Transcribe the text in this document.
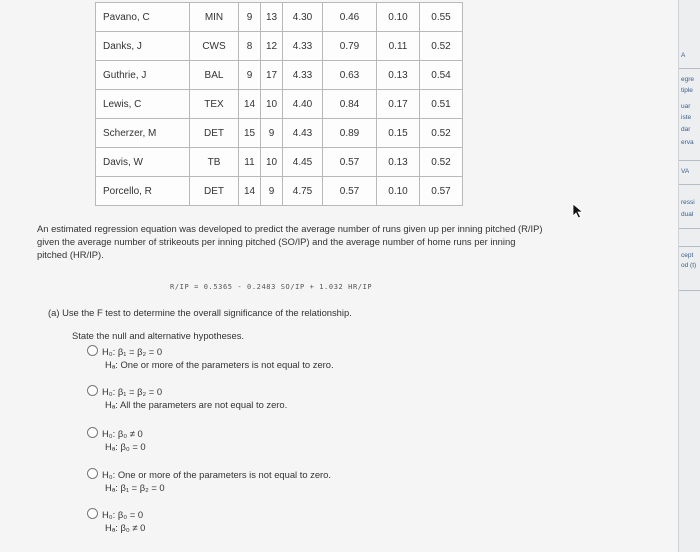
Pavano, C	MIN	9	13	4.30	0.46	0.10	0.55
Danks, J	CWS	8	12	4.33	0.79	0.11	0.52
Guthrie, J	BAL	9	17	4.33	0.63	0.13	0.54
Lewis, C	TEX	14	10	4.40	0.84	0.17	0.51
Scherzer, M	DET	15	9	4.43	0.89	0.15	0.52
Davis, W	TB	11	10	4.45	0.57	0.13	0.52
Porcello, R	DET	14	9	4.75	0.57	0.10	0.57
An estimated regression equation was developed to predict the average number of runs given up per inning pitched (R/IP)
given the average number of strikeouts per inning pitched (SO/IP) and the average number of home runs per inning
pitched (HR/IP).
R/IP = 0.5365 - 0.2483 SO/IP + 1.032 HR/IP
(a) Use the F test to determine the overall significance of the relationship.
State the null and alternative hypotheses.
H₀: β₁ = β₂ = 0
Hₐ: One or more of the parameters is not equal to zero.
H₀: β₁ = β₂ = 0
Hₐ: All the parameters are not equal to zero.
H₀: β₀ ≠ 0
Hₐ: β₀ = 0
H₀: One or more of the parameters is not equal to zero.
Hₐ: β₁ = β₂ = 0
H₀: β₀ = 0
Hₐ: β₀ ≠ 0
A
egre
tiple
uar
iste
dar
erva
VA
ressi
dual
cept
od (t)
